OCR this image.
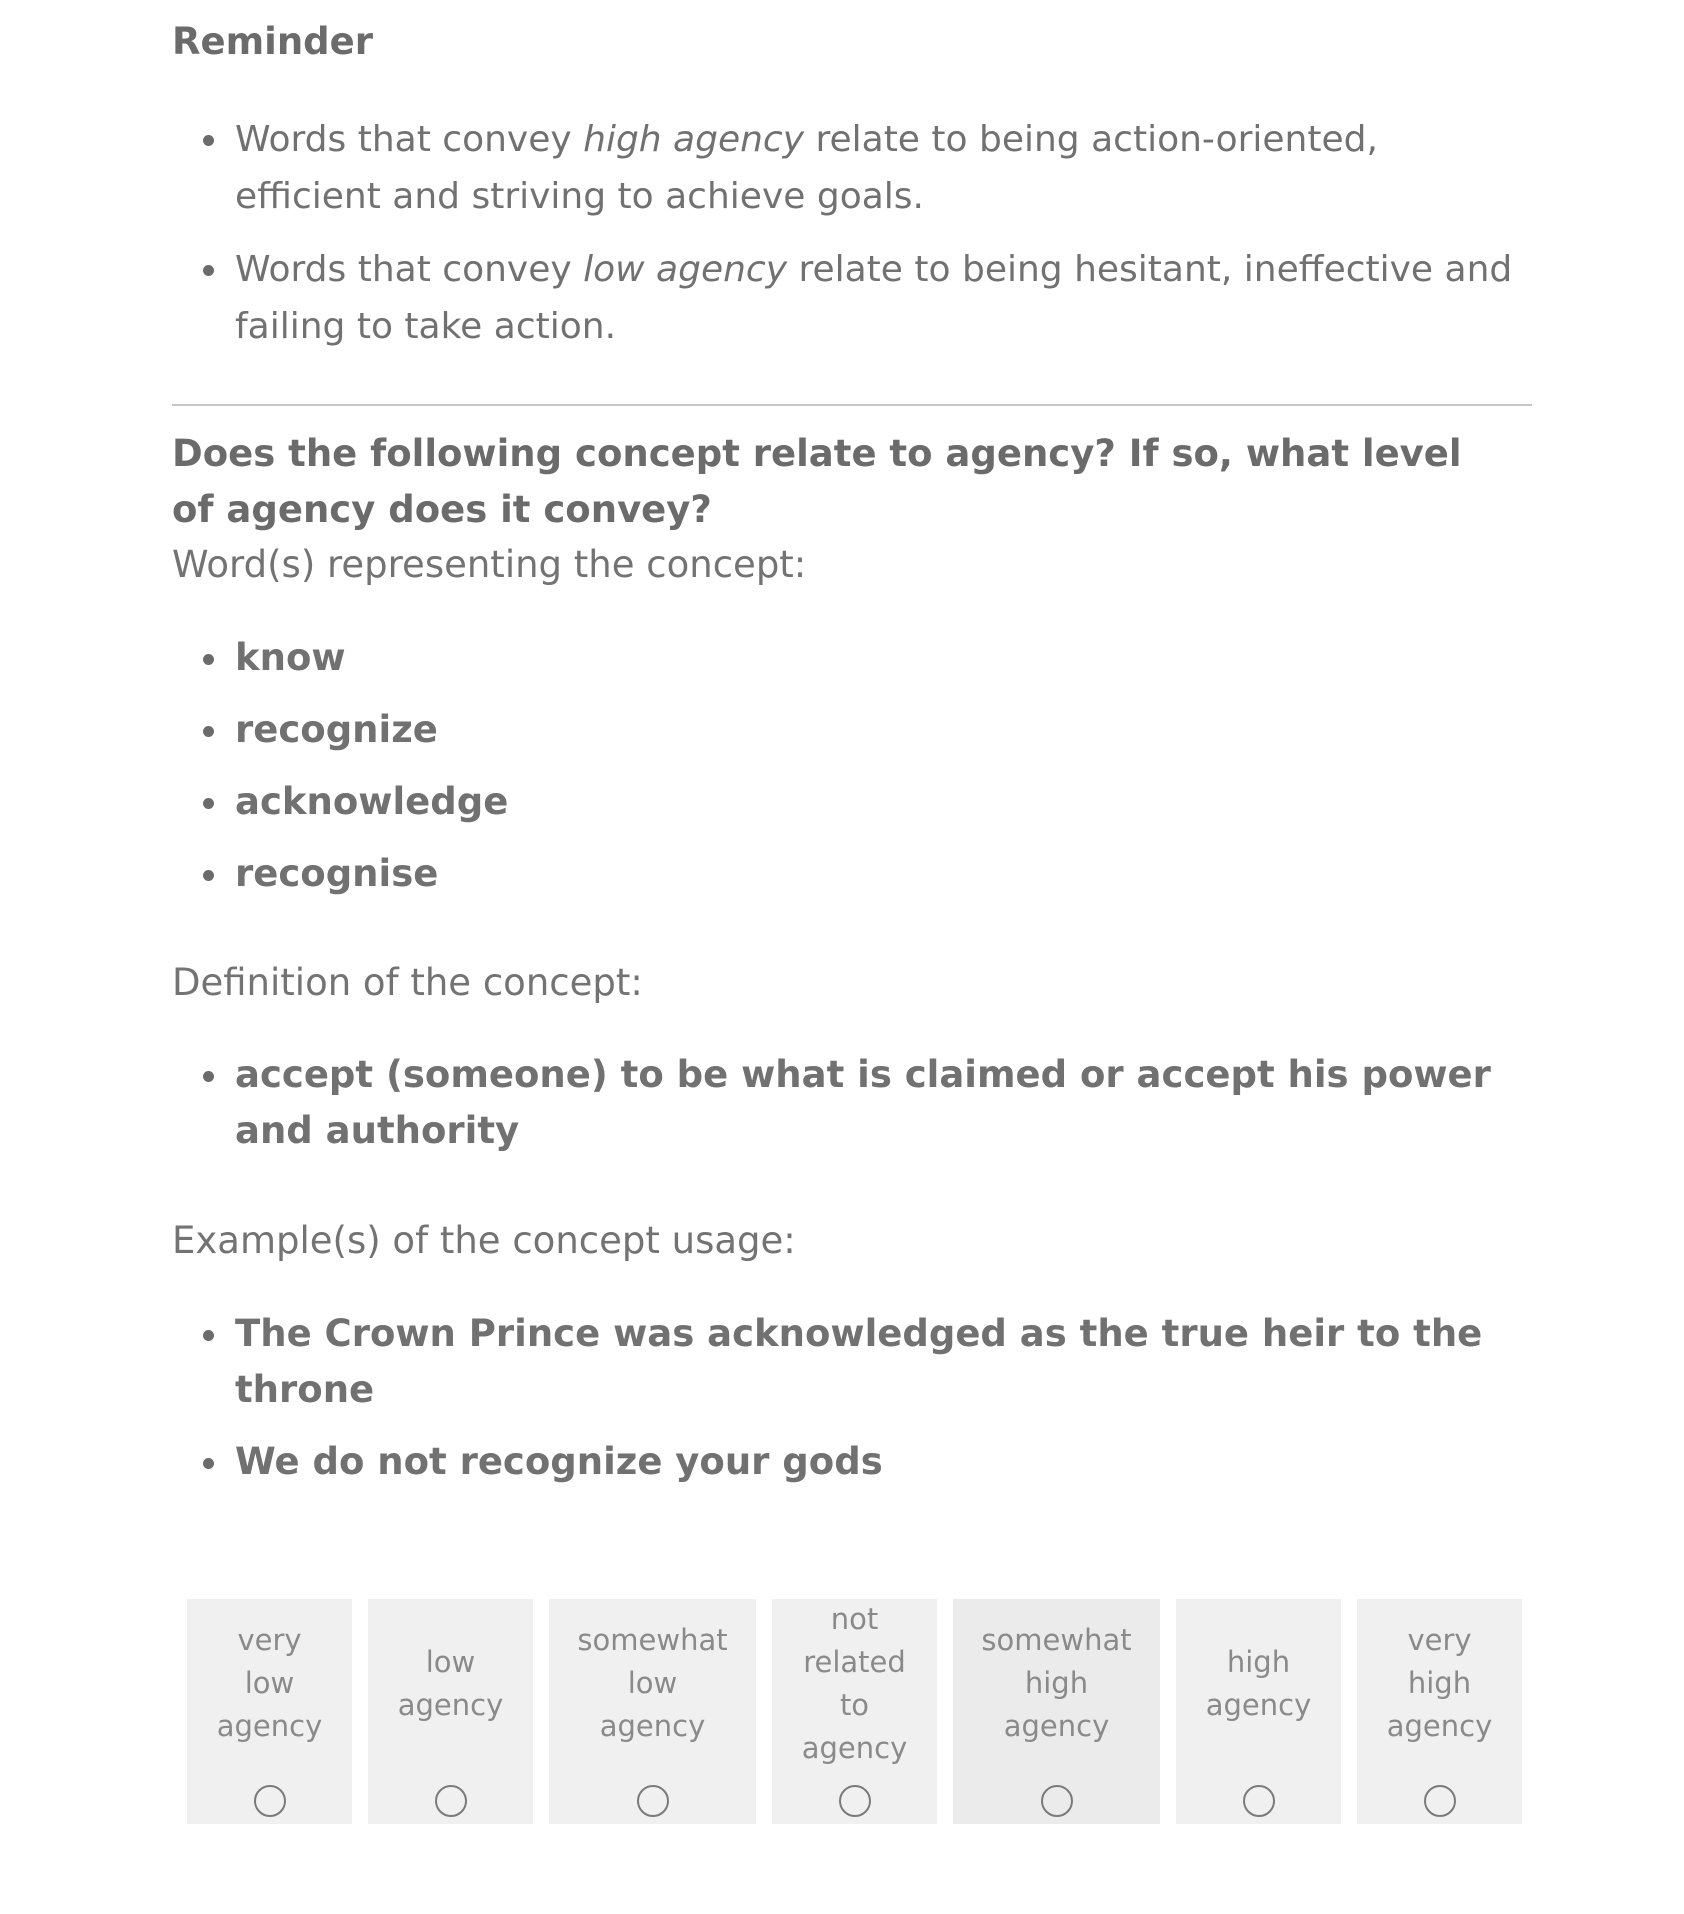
Reminder
Words that convey high agency relate to being action-oriented, efficient and striving to achieve goals.
Words that convey low agency relate to being hesitant, ineffective and failing to take action.

Does the following concept relate to agency? If so, what level of agency does it convey?

Word(s) representing the concept:

know
recognize
acknowledge
recognise

Definition of the concept:

accept (someone) to be what is claimed or accept his power and authority

Example(s) of the concept usage:

The Crown Prince was acknowledged as the true heir to the throne
We do not recognize your gods
very
low
agency
low
agency
somewhat
low
agency
not
related
to
agency
somewhat
high
agency
high
agency
very
high
agency
